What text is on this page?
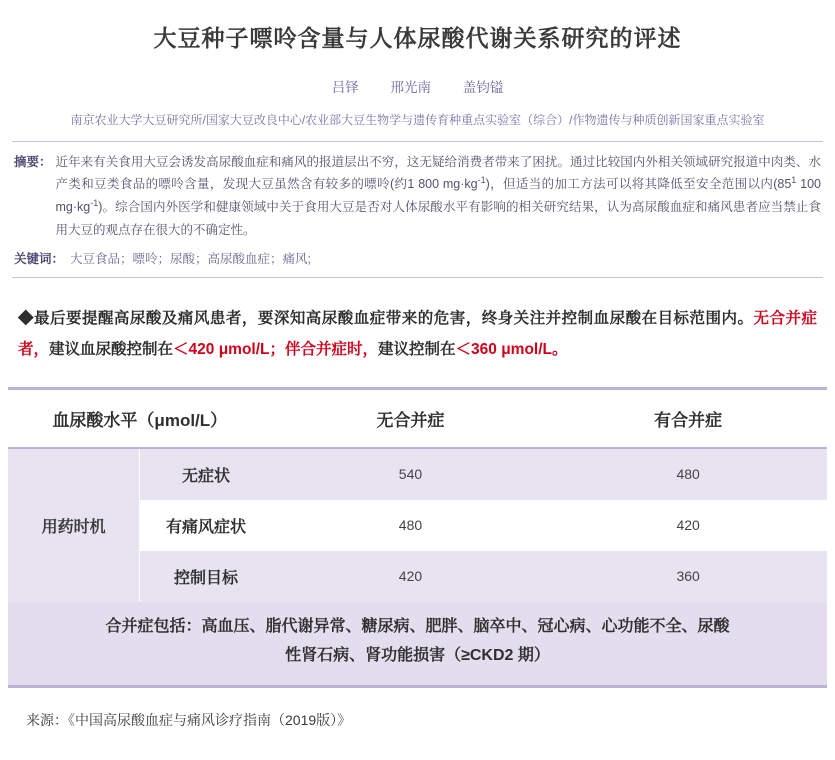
大豆种子嘌呤含量与人体尿酸代谢关系研究的评述
吕铎 邢光南 盖钧镒
南京农业大学大豆研究所/国家大豆改良中心/农业部大豆生物学与遗传育种重点实验室（综合）/作物遗传与种质创新国家重点实验室
摘要： 近年来有关食用大豆会诱发高尿酸血症和痛风的报道层出不穷，这无疑给消费者带来了困扰。通过比较国内外相关领域研究报道中肉类、水产类和豆类食品的嘌呤含量，发现大豆虽然含有较多的嘌呤(约1 800 $mg\cdot kg^{-1}$)，但适当的加工方法可以将其降低至安全范围以内($85^1$ 100 $mg\cdot kg^{-1}$)。综合国内外医学和健康领域中关于食用大豆是否对人体尿酸水平有影响的相关研究结果，认为高尿酸血症和痛风患者应当禁止食用大豆的观点存在很大的不确定性。
关键词： 大豆食品；嘌呤；尿酸；高尿酸血症；痛风;
◆最后要提醒高尿酸及痛风患者，要深知高尿酸血症带来的危害，终身关注并控制血尿酸在目标范围内。无合并症者，建议血尿酸控制在＜420 μmol/L；伴合并症时，建议控制在＜360 μmol/L。
血尿酸水平（μmol/L）		无合并症	有合并症
用药时机	无症状	540	480
	有痛风症状	480	420
	控制目标	420	360
合并症包括：高血压、脂代谢异常、糖尿病、肥胖、脑卒中、冠心病、心功能不全、尿酸
性肾石病、肾功能损害（≥CKD2 期）
来源：《中国高尿酸血症与痛风诊疗指南（2019版）》
